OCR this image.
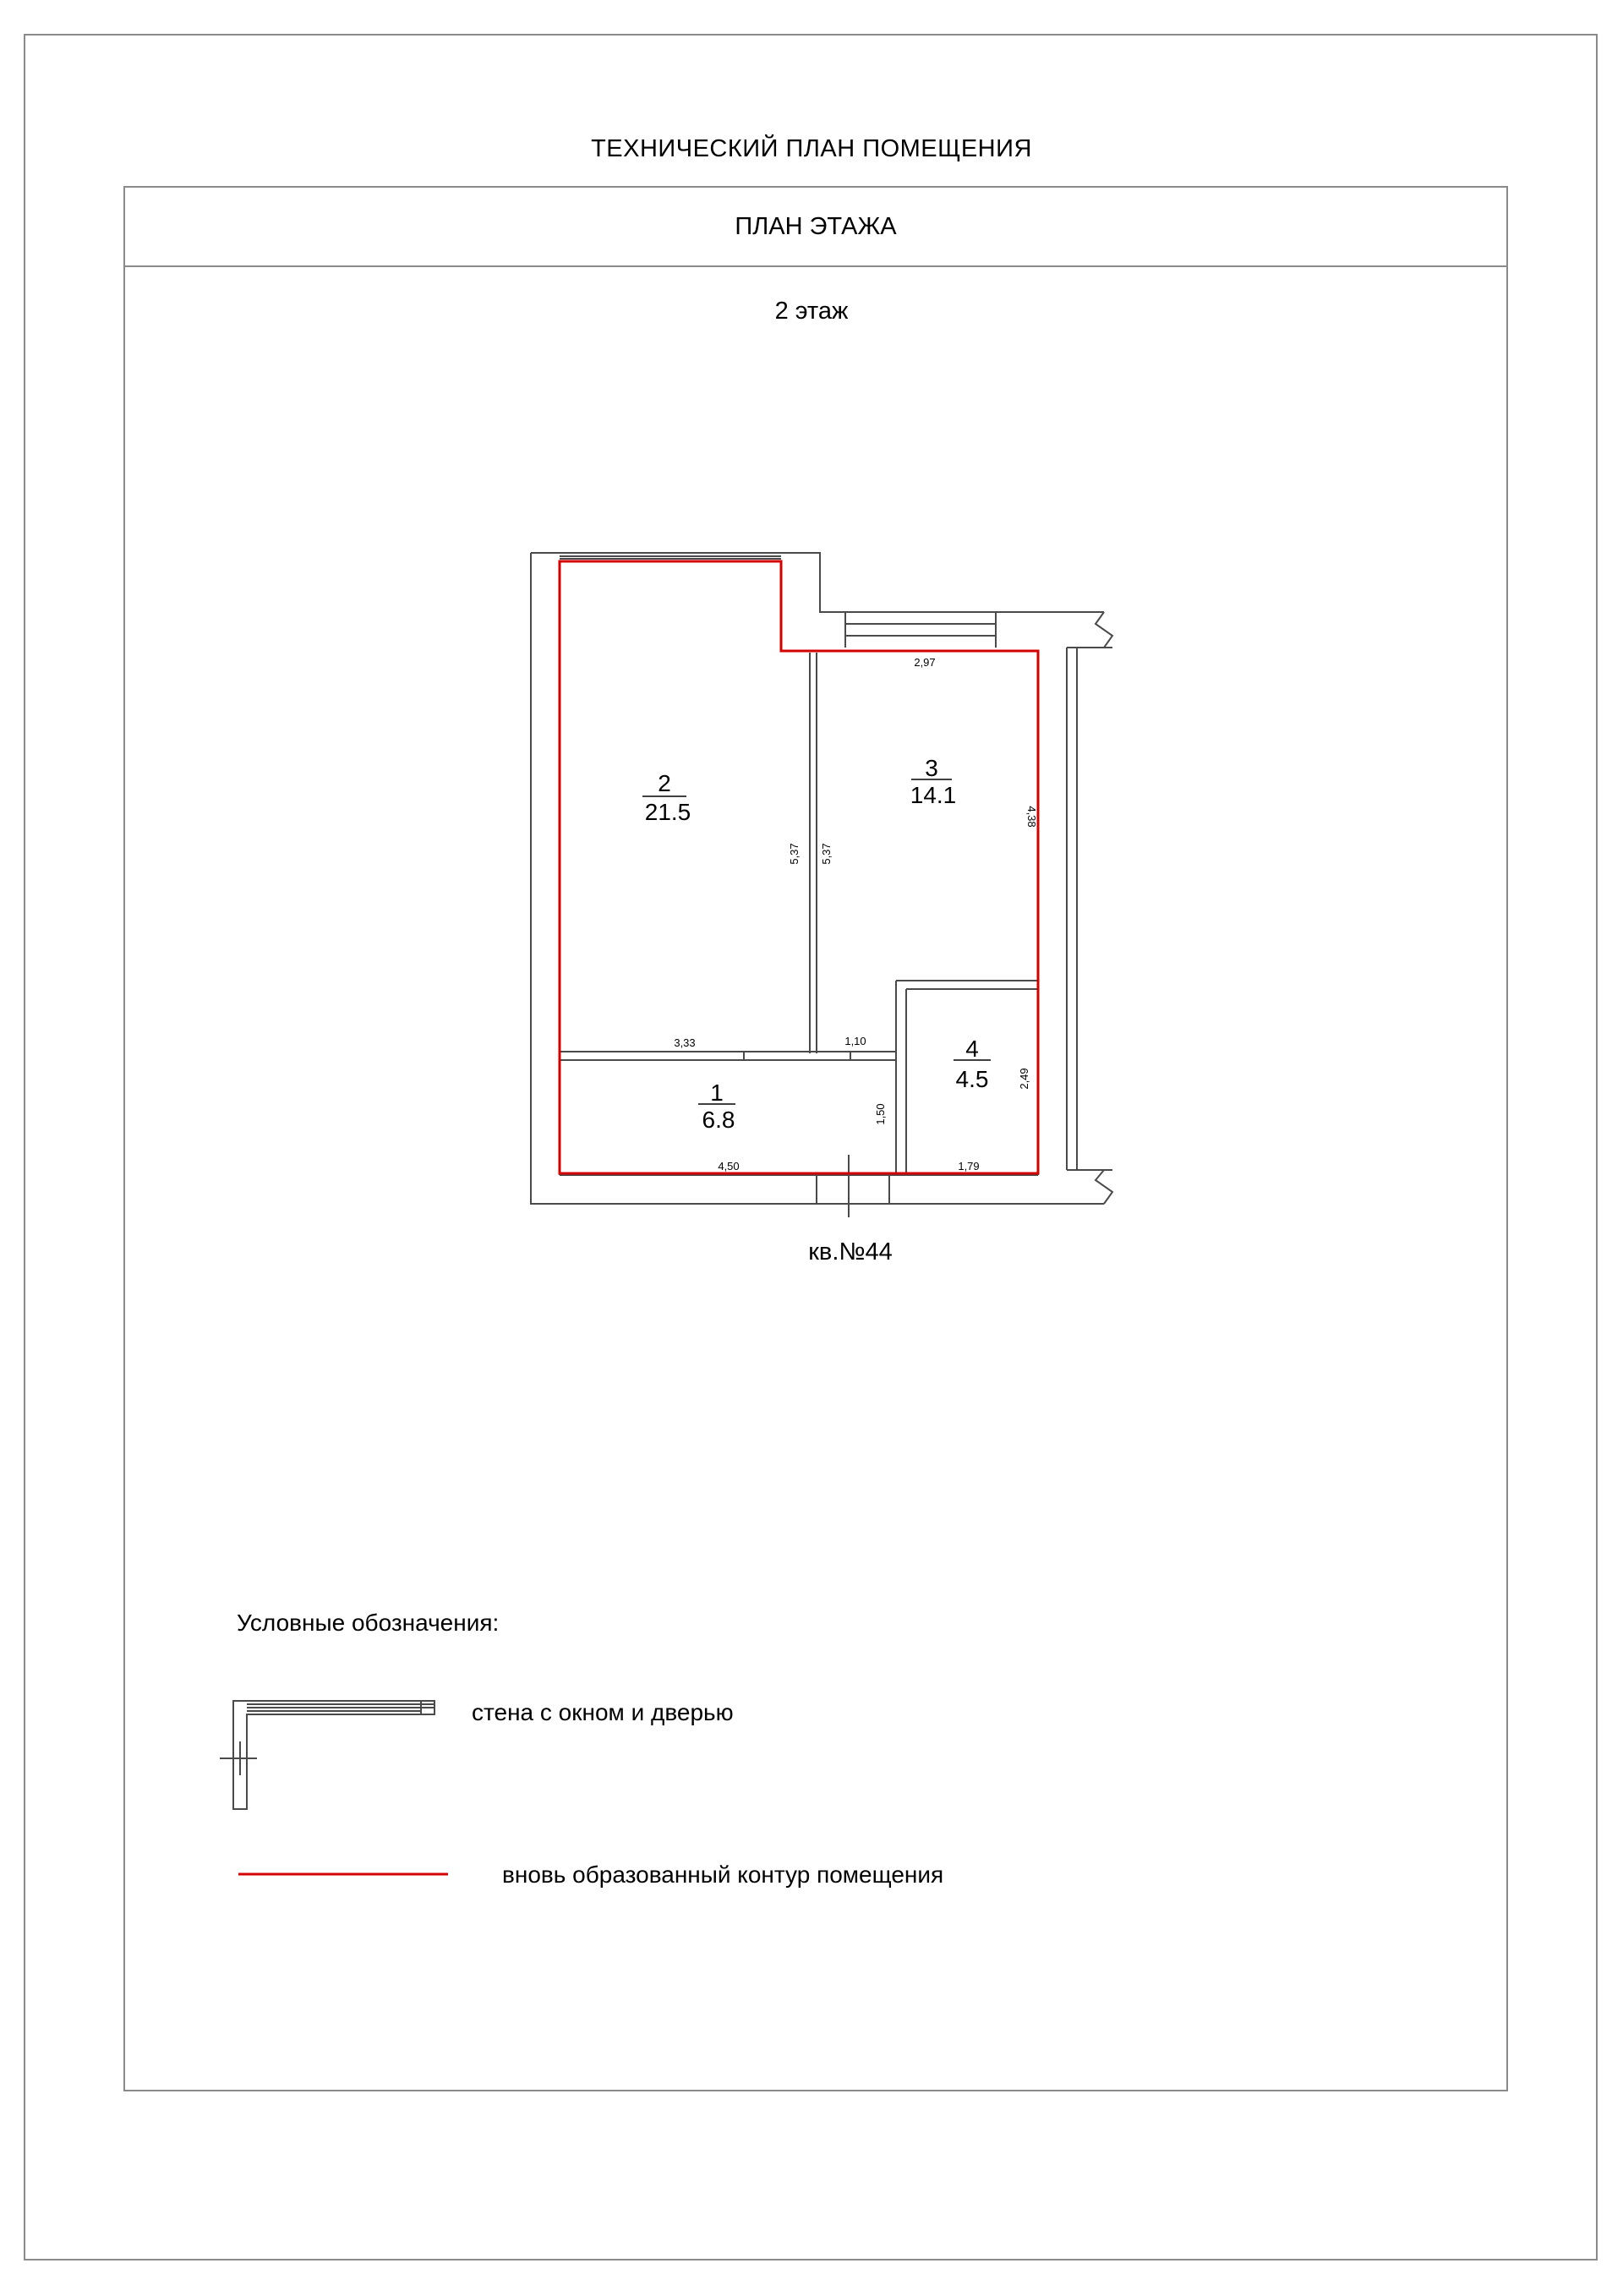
ТЕХНИЧЕСКИЙ ПЛАН ПОМЕЩЕНИЯ
ПЛАН ЭТАЖА
2 этаж
2
21.5
3
14.1
1
6.8
4
4.5
2,97
5,37 5,37
4,38
3,33	1,10
2,49
1,50
4,50	1,79
кв.№44
Условные обозначения:
стена с окном и дверью
вновь образованный контур помещения
